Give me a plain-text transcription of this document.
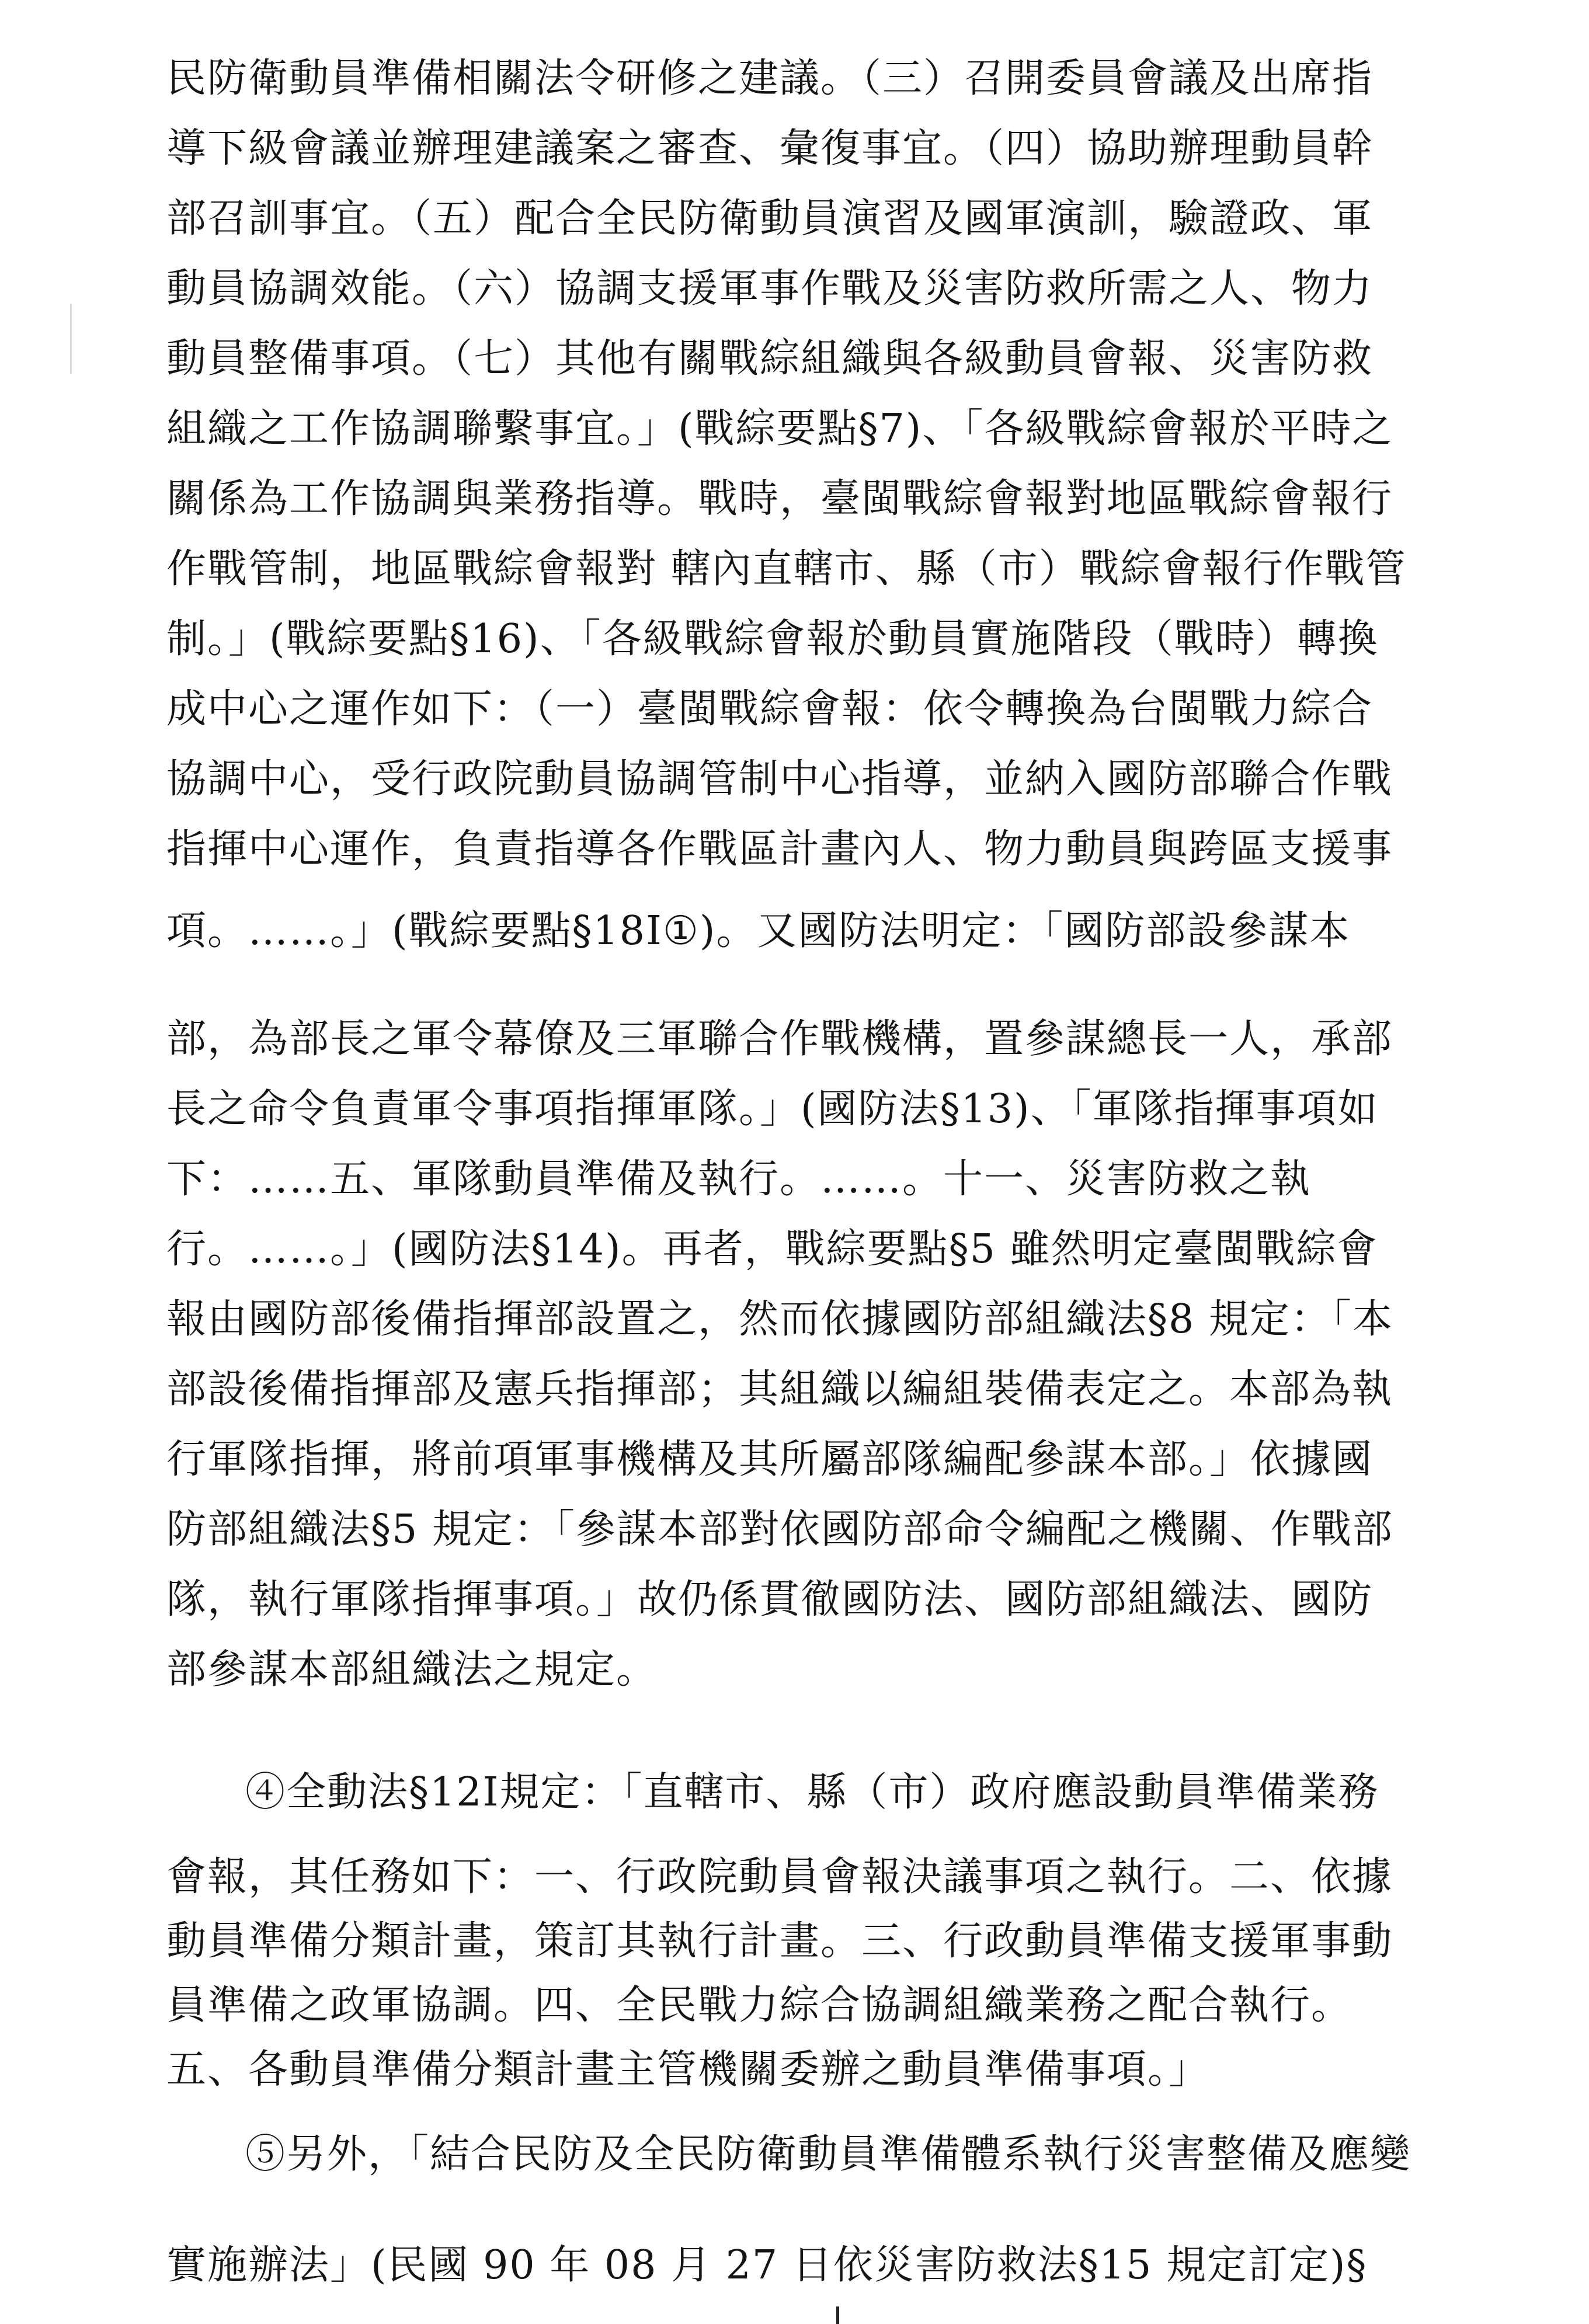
民防衛動員準備相關法令研修之建議。（三）召開委員會議及出席指
導下級會議並辦理建議案之審查、彙復事宜。（四）協助辦理動員幹
部召訓事宜。（五）配合全民防衛動員演習及國軍演訓，驗證政、軍
動員協調效能。（六）協調支援軍事作戰及災害防救所需之人、物力
動員整備事項。（七）其他有關戰綜組織與各級動員會報、災害防救
組織之工作協調聯繫事宜。」(戰綜要點§7)、「各級戰綜會報於平時之
關係為工作協調與業務指導。戰時，臺閩戰綜會報對地區戰綜會報行
作戰管制，地區戰綜會報對 轄內直轄市、縣（市）戰綜會報行作戰管
制。」(戰綜要點§16)、「各級戰綜會報於動員實施階段（戰時）轉換
成中心之運作如下：（一）臺閩戰綜會報：依令轉換為台閩戰力綜合
協調中心，受行政院動員協調管制中心指導，並納入國防部聯合作戰
指揮中心運作，負責指導各作戰區計畫內人、物力動員與跨區支援事
項。……。」(戰綜要點§18Ⅰ①)。又國防法明定：「國防部設參謀本
部，為部長之軍令幕僚及三軍聯合作戰機構，置參謀總長一人，承部
長之命令負責軍令事項指揮軍隊。」(國防法§13)、「軍隊指揮事項如
下：……五、軍隊動員準備及執行。……。十一、災害防救之執
行。……。」(國防法§14)。再者，戰綜要點§5 雖然明定臺閩戰綜會
報由國防部後備指揮部設置之，然而依據國防部組織法§8 規定：「本
部設後備指揮部及憲兵指揮部；其組織以編組裝備表定之。本部為執
行軍隊指揮，將前項軍事機構及其所屬部隊編配參謀本部。」依據國
防部組織法§5 規定：「參謀本部對依國防部命令編配之機關、作戰部
隊，執行軍隊指揮事項。」故仍係貫徹國防法、國防部組織法、國防
部參謀本部組織法之規定。
④全動法§12Ⅰ規定：「直轄市、縣（市）政府應設動員準備業務
會報，其任務如下：一、行政院動員會報決議事項之執行。二、依據
動員準備分類計畫，策訂其執行計畫。三、行政動員準備支援軍事動
員準備之政軍協調。四、全民戰力綜合協調組織業務之配合執行。
五、各動員準備分類計畫主管機關委辦之動員準備事項。」
⑤另外，「結合民防及全民防衛動員準備體系執行災害整備及應變
實施辦法」(民國 90 年 08 月 27 日依災害防救法§15 規定訂定)§
